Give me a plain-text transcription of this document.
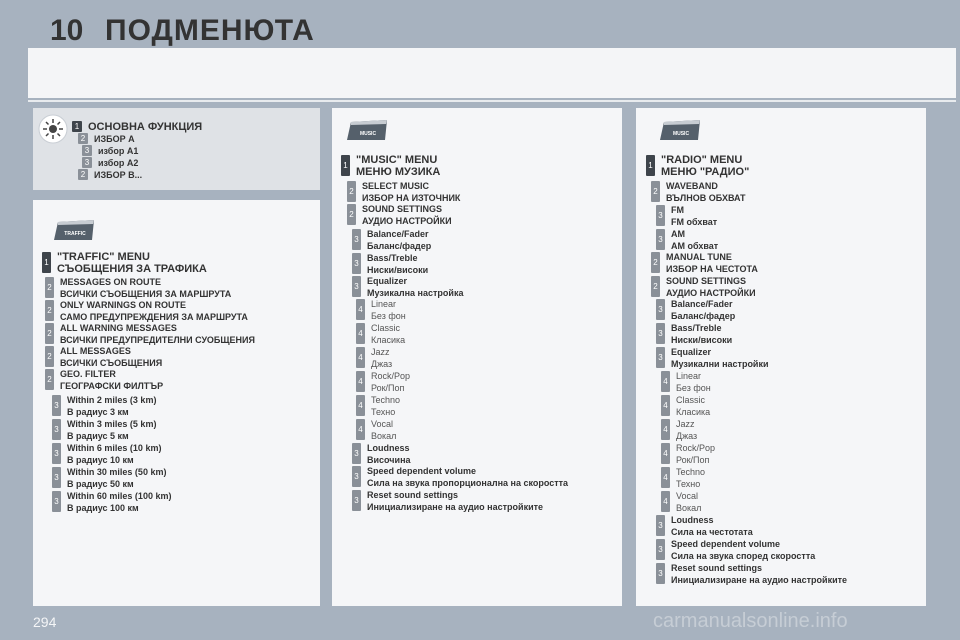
10 ПОДМЕНЮТА
1 ОСНОВНА ФУНКЦИЯ
2 ИЗБОР А
3 избор А1
3 избор А2
2 ИЗБОР B...
TRAFFIC
1 "TRAFFIC" MENU
СЪОБЩЕНИЯ ЗА ТРАФИКА
2
MESSAGES ON ROUTE
ВСИЧКИ СЪОБЩЕНИЯ ЗА МАРШРУТА
2
ONLY WARNINGS ON ROUTE
САМО ПРЕДУПРЕЖДЕНИЯ ЗА МАРШРУТА
2
ALL WARNING MESSAGES
ВСИЧКИ ПРЕДУПРЕДИТЕЛНИ СУОБЩЕНИЯ
2
ALL MESSAGES
ВСИЧКИ СЪОБЩЕНИЯ
2
GEO. FILTER
ГЕОГРАФСКИ ФИЛТЪР
3
Within 2 miles (3 km)
В радиус 3 км
3
Within 3 miles (5 km)
В радиус 5 км
3
Within 6 miles (10 km)
В радиус 10 км
3
Within 30 miles (50 km)
В радиус 50 км
3
Within 60 miles (100 km)
В радиус 100 км
MUSIC
1 "MUSIC" MENU
МЕНЮ МУЗИКА
2
SELECT MUSIC
ИЗБОР НА ИЗТОЧНИК
2
SOUND SETTINGS
АУДИО НАСТРОЙКИ
3
Balance/Fader
Баланс/фадер
3
Bass/Treble
Ниски/високи
3
Equalizer
Музикална настройка
4
Linear
Без фон
4
Classic
Класика
4
Jazz
Джаз
4
Rock/Pop
Рок/Поп
4
Techno
Техно
4
Vocal
Вокал
3
Loudness
Височина
3
Speed dependent volume
Сила на звука пропорционална на скоростта
3
Reset sound settings
Инициализиране на аудио настройките
MUSIC
1 "RADIO" MENU
МЕНЮ "РАДИО"
2
WAVEBAND
ВЪЛНОВ ОБХВАТ
3
FM
FM обхват
3
AM
AM обхват
2
MANUAL TUNE
ИЗБОР НА ЧЕСТОТА
2
SOUND SETTINGS
АУДИО НАСТРОЙКИ
3
Balance/Fader
Баланс/фадер
3
Bass/Treble
Ниски/високи
3
Equalizer
Музикални настройки
4
Linear
Без фон
4
Classic
Класика
4
Jazz
Джаз
4
Rock/Pop
Рок/Поп
4
Techno
Техно
4
Vocal
Вокал
3
Loudness
Сила на честотата
3
Speed dependent volume
Сила на звука според скоростта
3
Reset sound settings
Инициализиране на аудио настройките
294	carmanualsonline.info
